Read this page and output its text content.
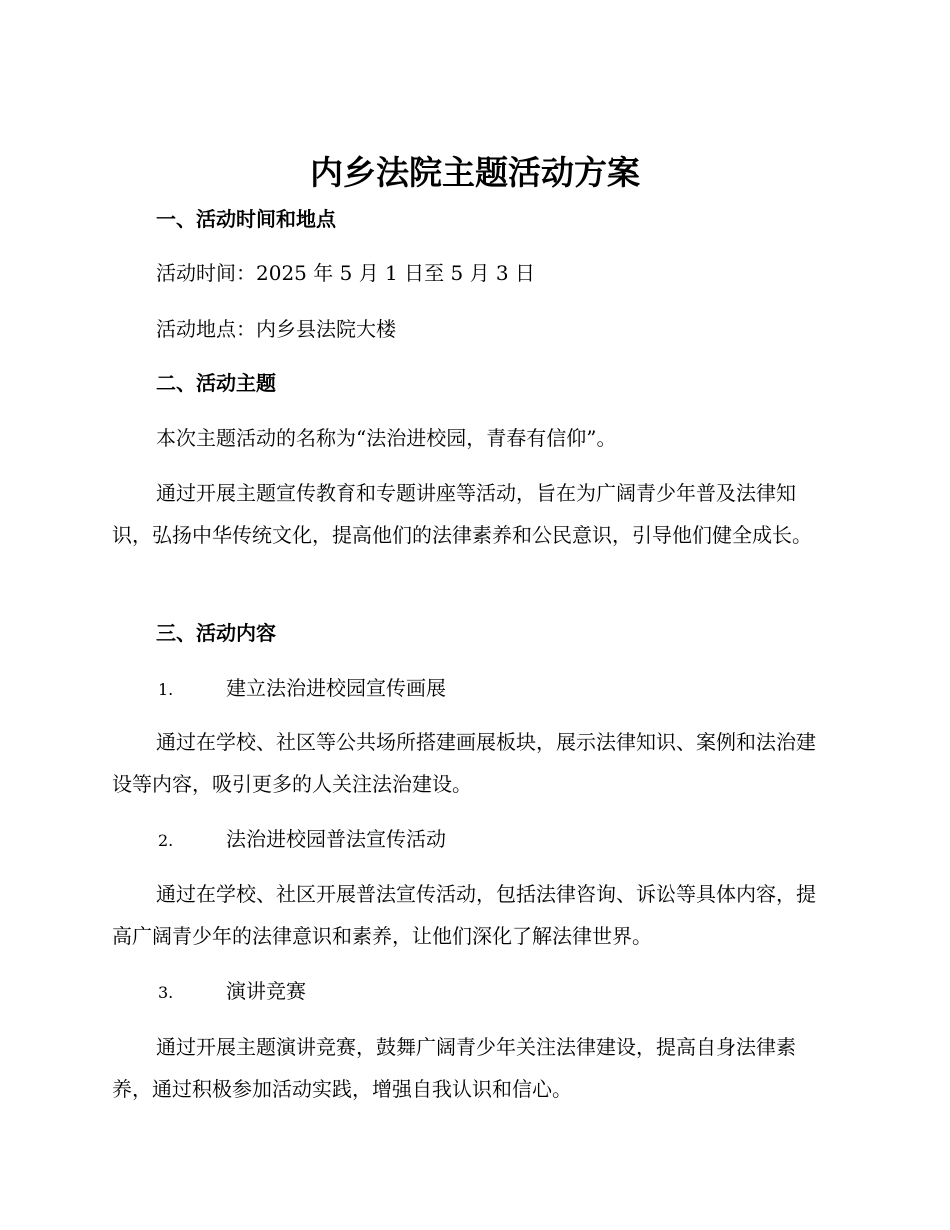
内乡法院主题活动方案
一、活动时间和地点

活动时间：2025 年 5 月 1 日至 5 月 3 日

活动地点：内乡县法院大楼

二、活动主题

本次主题活动的名称为“法治进校园，青春有信仰”。

通过开展主题宣传教育和专题讲座等活动，旨在为广阔青少年普及法律知识，弘扬中华传统文化，提高他们的法律素养和公民意识，引导他们健全成长。

三、活动内容

1.	建立法治进校园宣传画展

通过在学校、社区等公共场所搭建画展板块，展示法律知识、案例和法治建设等内容，吸引更多的人关注法治建设。

2.	法治进校园普法宣传活动

通过在学校、社区开展普法宣传活动，包括法律咨询、诉讼等具体内容，提高广阔青少年的法律意识和素养，让他们深化了解法律世界。

3.	演讲竞赛

通过开展主题演讲竞赛，鼓舞广阔青少年关注法律建设，提高自身法律素养，通过积极参加活动实践，增强自我认识和信心。
